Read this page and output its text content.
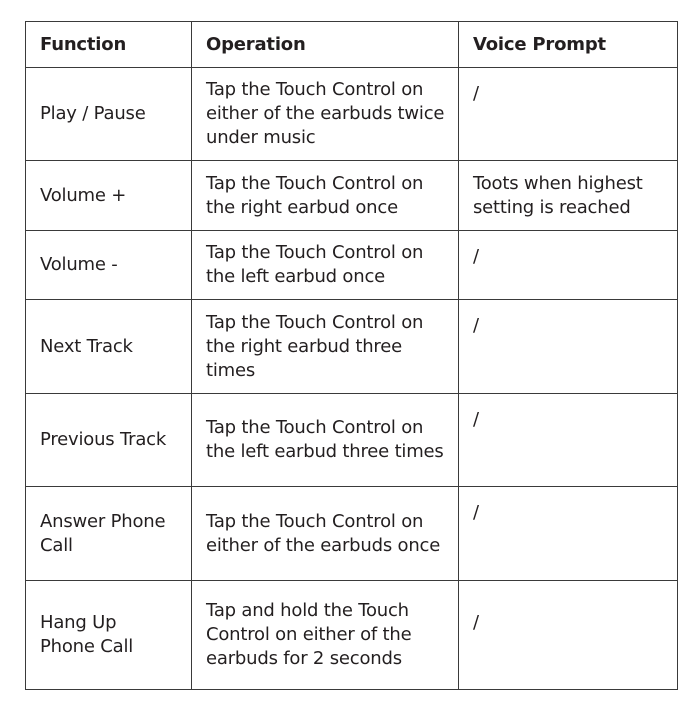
Function	Operation	Voice Prompt
Play / Pause	Tap the Touch Control on either of the earbuds twice under music	/
Volume +	Tap the Touch Control on the right earbud once	Toots when highest setting is reached
Volume -	Tap the Touch Control on the left earbud once	/
Next Track	Tap the Touch Control on the right earbud three times	/
Previous Track	Tap the Touch Control on the left earbud three times	/
Answer Phone Call	Tap the Touch Control on either of the earbuds once	/
Hang Up Phone Call	Tap and hold the Touch Control on either of the earbuds for 2 seconds	/
